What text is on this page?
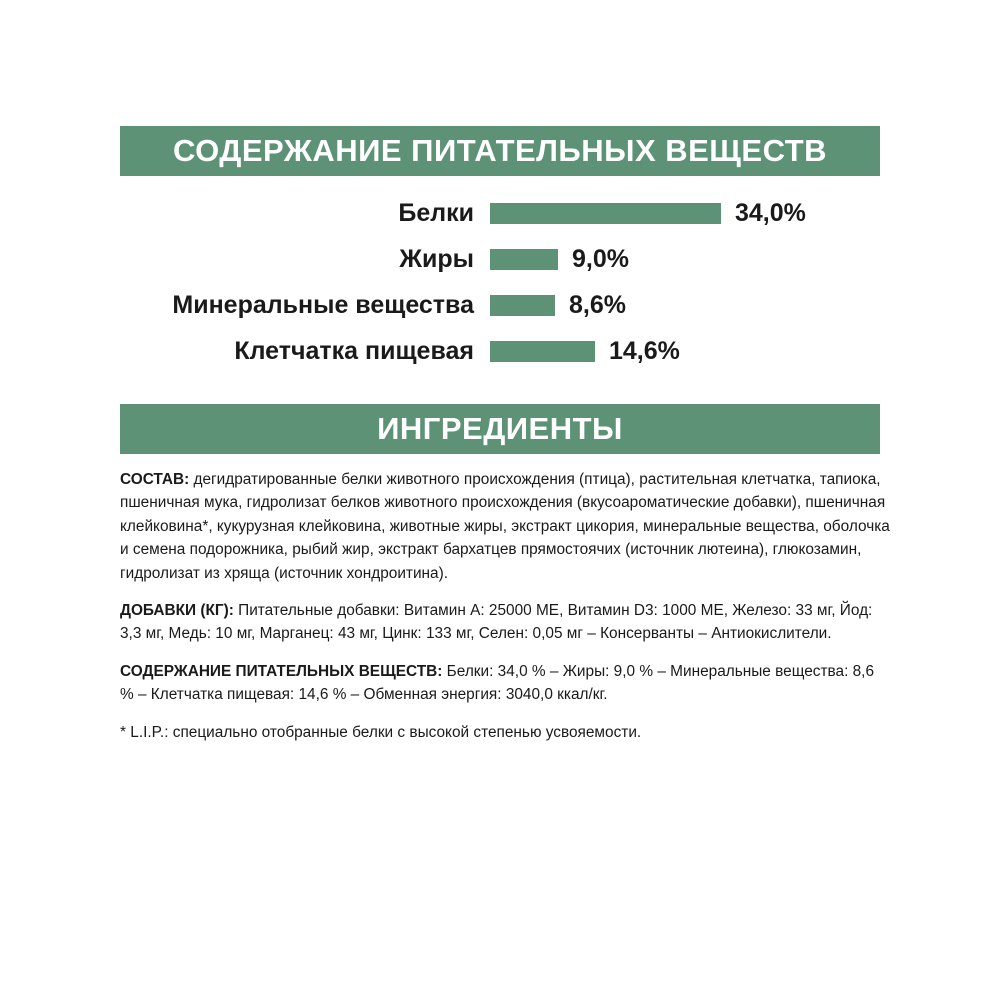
СОДЕРЖАНИЕ ПИТАТЕЛЬНЫХ ВЕЩЕСТВ
Белки	34,0%
Жиры	9,0%
Минеральные вещества	8,6%
Клетчатка пищевая	14,6%
ИНГРЕДИЕНТЫ

СОСТАВ: дегидратированные белки животного происхождения (птица), растительная клетчатка, тапиока, пшеничная мука, гидролизат белков животного происхождения (вкусоароматические добавки), пшеничная клейковина*, кукурузная клейковина, животные жиры, экстракт цикория, минеральные вещества, оболочка и семена подорожника, рыбий жир, экстракт бархатцев прямостоячих (источник лютеина), глюкозамин, гидролизат из хряща (источник хондроитина).

ДОБАВКИ (КГ): Питательные добавки: Витамин А: 25000 МЕ, Витамин D3: 1000 МЕ, Железо: 33 мг, Йод: 3,3 мг, Медь: 10 мг, Марганец: 43 мг, Цинк: 133 мг, Селен: 0,05 мг – Консерванты – Антиокислители.

СОДЕРЖАНИЕ ПИТАТЕЛЬНЫХ ВЕЩЕСТВ: Белки: 34,0 % – Жиры: 9,0 % – Минеральные вещества: 8,6 % – Клетчатка пищевая: 14,6 % – Обменная энергия: 3040,0 ккал/кг.

* L.I.P.: специально отобранные белки с высокой степенью усвояемости.
